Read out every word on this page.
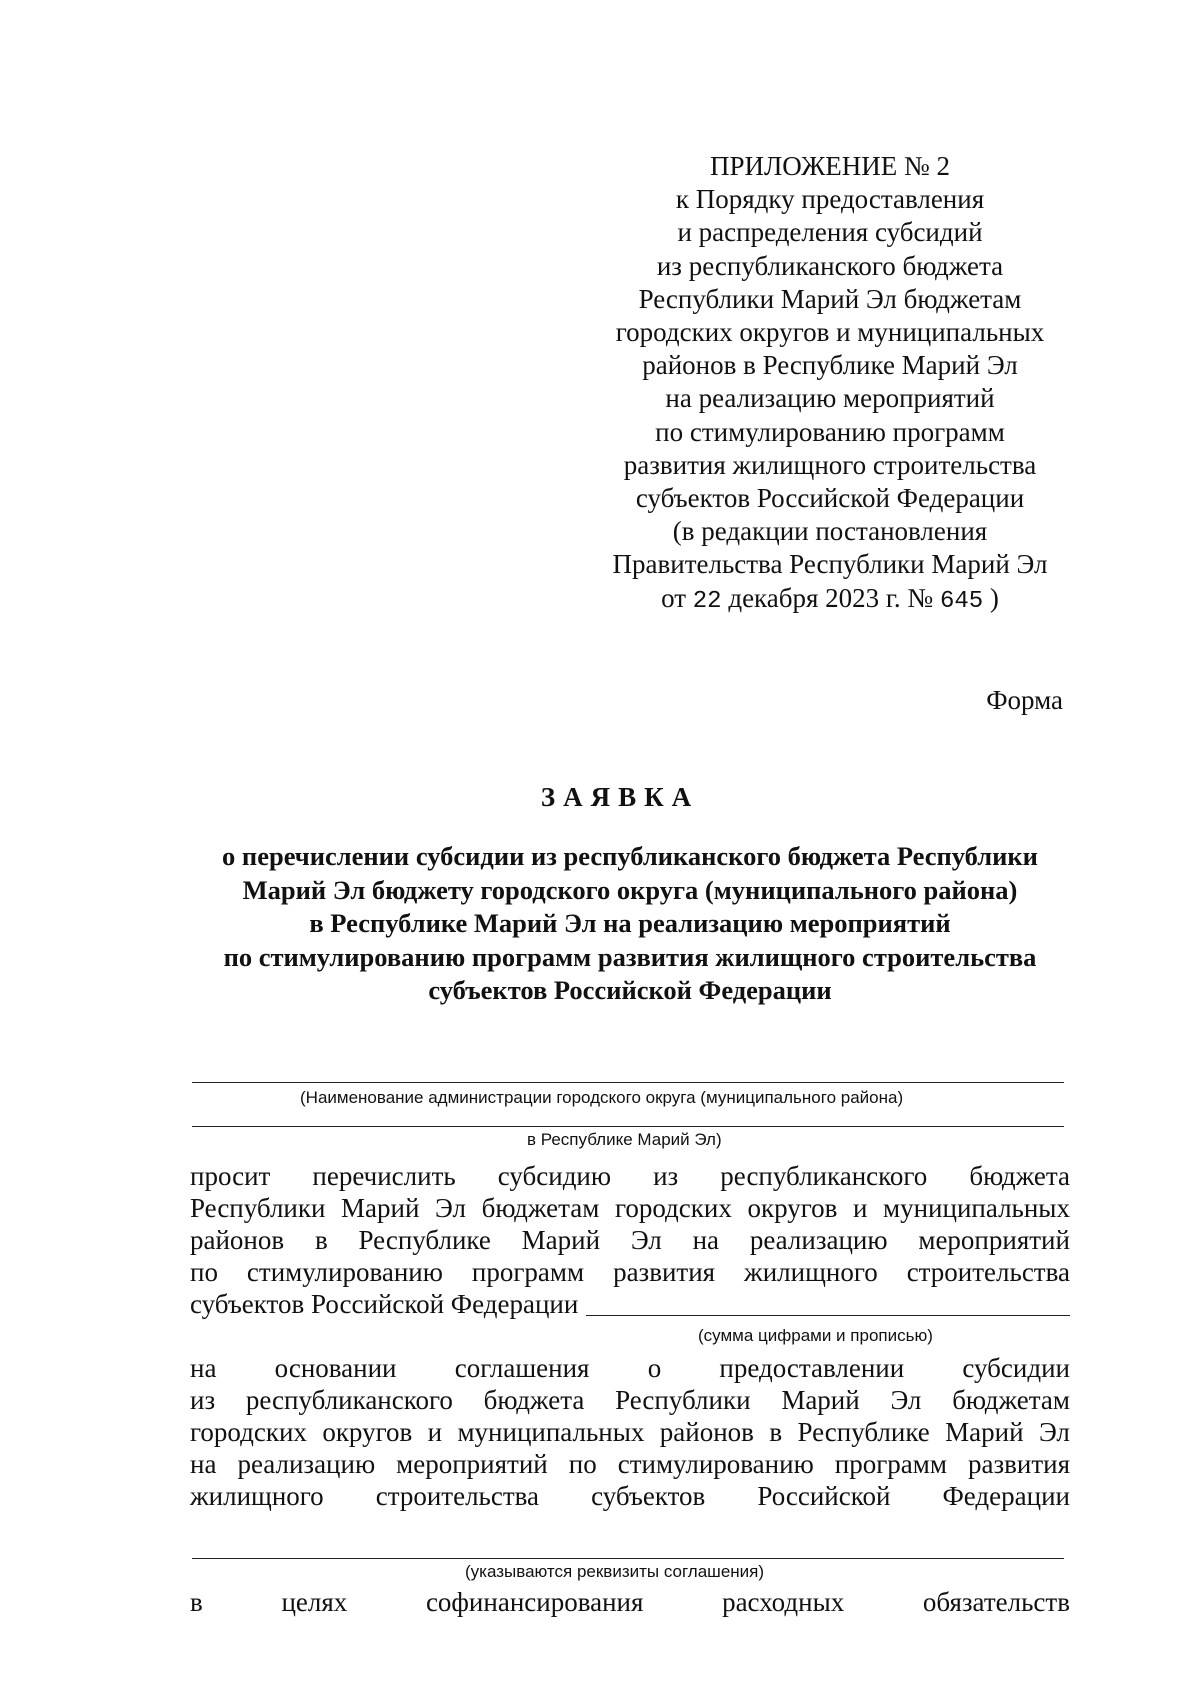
ПРИЛОЖЕНИЕ № 2
к Порядку предоставления
и распределения субсидий
из республиканского бюджета
Республики Марий Эл бюджетам
городских округов и муниципальных
районов в Республике Марий Эл
на реализацию мероприятий
по стимулированию программ
развития жилищного строительства
субъектов Российской Федерации
(в редакции постановления
Правительства Республики Марий Эл
от 22 декабря 2023 г. № 645 )
Форма
ЗАЯВКА
о перечислении субсидии из республиканского бюджета Республики
Марий Эл бюджету городского округа (муниципального района)
в Республике Марий Эл на реализацию мероприятий
по стимулированию программ развития жилищного строительства
субъектов Российской Федерации
(Наименование администрации городского округа (муниципального района)
в Республике Марий Эл)
просит перечислить субсидию из республиканского бюджета
Республики Марий Эл бюджетам городских округов и муниципальных
районов в Республике Марий Эл на реализацию мероприятий
по стимулированию программ развития жилищного строительства
субъектов Российской Федерации
(сумма цифрами и прописью)
на основании соглашения о предоставлении субсидии
из республиканского бюджета Республики Марий Эл бюджетам
городских округов и муниципальных районов в Республике Марий Эл
на реализацию мероприятий по стимулированию программ развития
жилищного строительства субъектов Российской Федерации
(указываются реквизиты соглашения)
в	целях	софинансирования	расходных	обязательств
